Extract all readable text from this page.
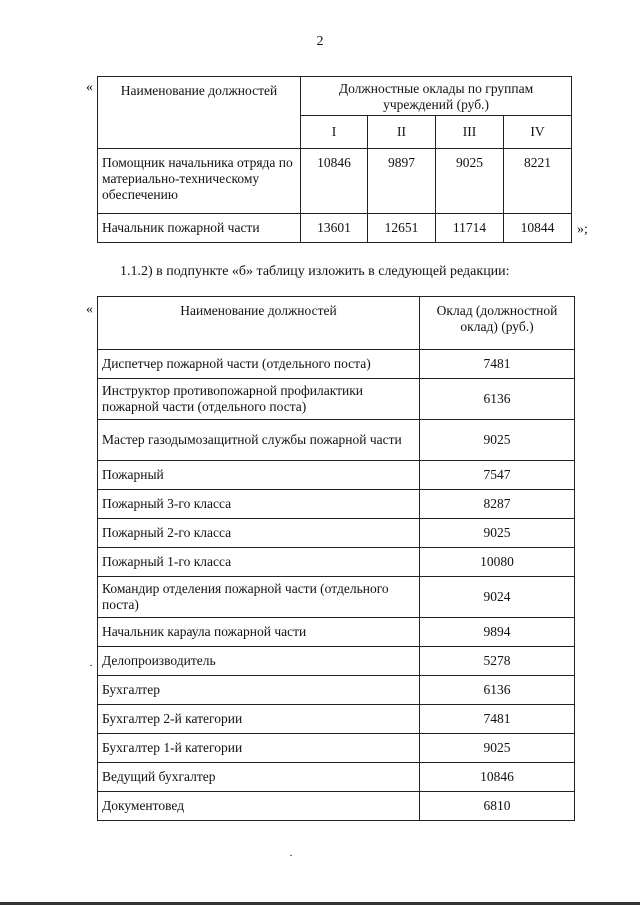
2
« Наименование должностей	Должностные оклады по группам учреждений (руб.)			
	I	II	III	IV
Помощник начальника отряда по материально-техническому обеспечению	10846	9897	9025	8221
Начальник пожарной части	13601	12651	11714	10844 »;
1.1.2) в подпункте «б» таблицу изложить в следующей редакции:
«	Наименование должностей	Оклад (должностной оклад) (руб.)
Диспетчер пожарной части (отдельного поста)	7481
Инструктор противопожарной профилактики пожарной части (отдельного поста)	6136
Мастер газодымозащитной службы пожарной части	9025
Пожарный	7547
Пожарный 3-го класса	8287
Пожарный 2-го класса	9025
Пожарный 1-го класса	10080
Командир отделения пожарной части (отдельного поста)	9024
Начальник караула пожарной части	9894
Делопроизводитель	5278
Бухгалтер	6136
Бухгалтер 2-й категории	7481
Бухгалтер 1-й категории	9025
Ведущий бухгалтер	10846
Документовед	6810
·
·
